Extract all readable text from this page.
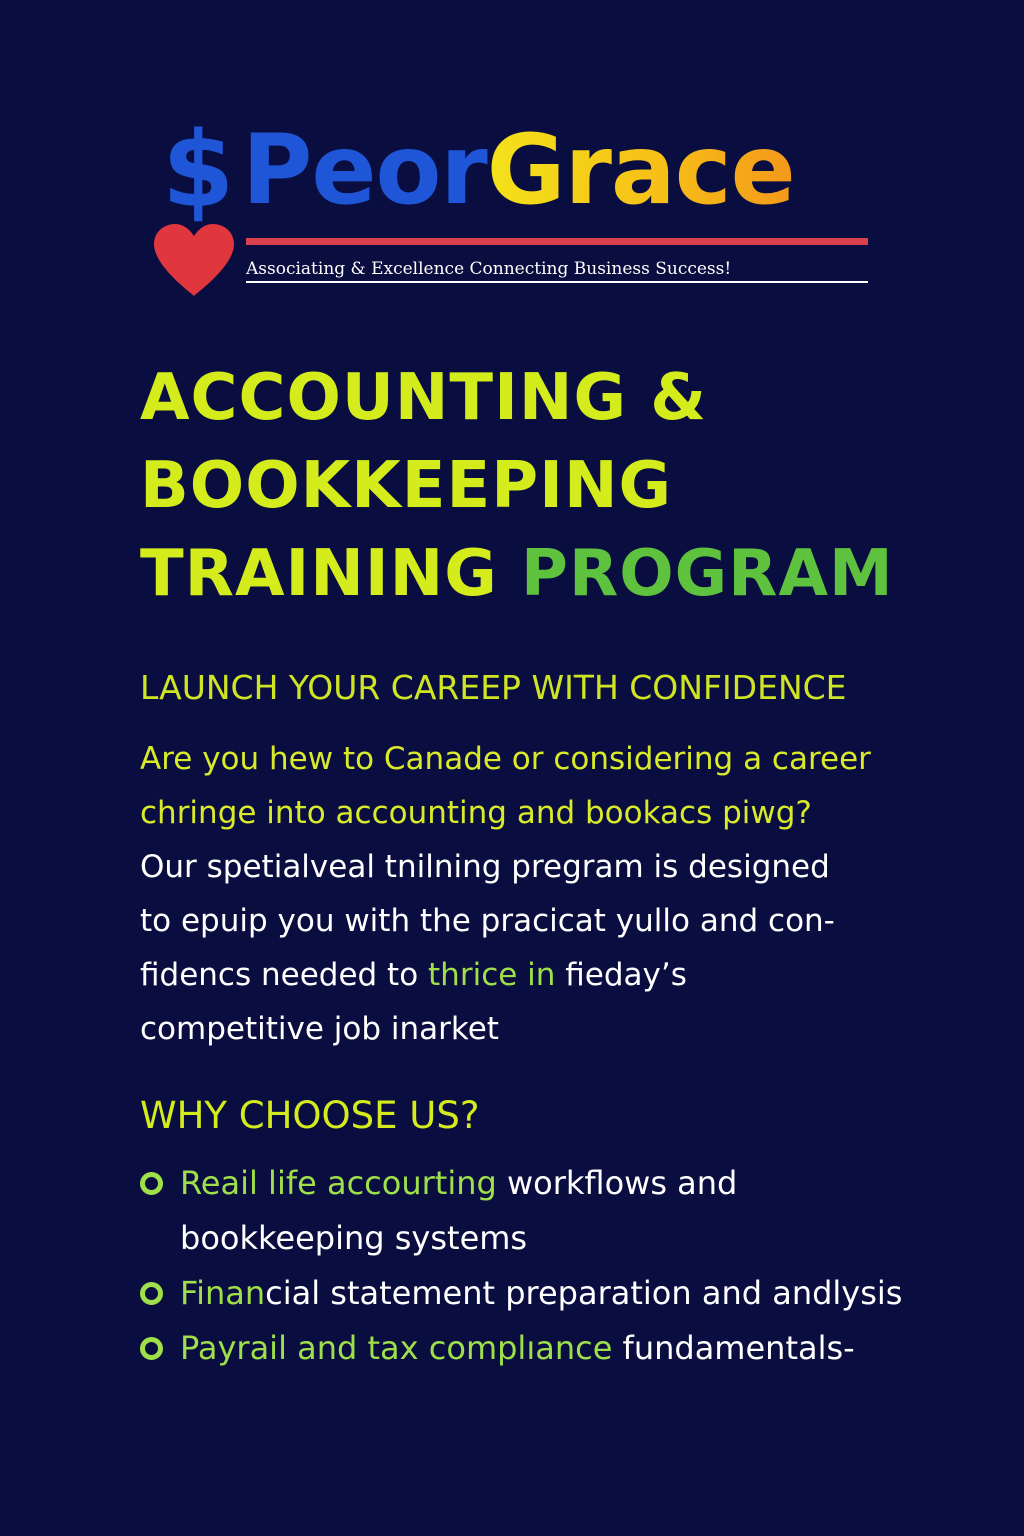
$ PeorGrace
Associating & Excellence Connecting Business Success!
ACCOUNTING &
BOOKKEEPING
TRAINING PROGRAM
LAUNCH YOUR CAREEP WITH CONFIDENCE

Are you hew to Canade or considering a career
chringe into accounting and bookacs piwg?
Our spetialveal tnilning pregram is designed
to epuip you with the pracicat yullo and con-
fidencs needed to thrice in fieday’s
competitive job inarket

WHY CHOOSE US?
Reail life accourting workflows and
bookkeeping systems
Financial statement preparation and andlysis
Payrail and tax complıance fundamentals-
